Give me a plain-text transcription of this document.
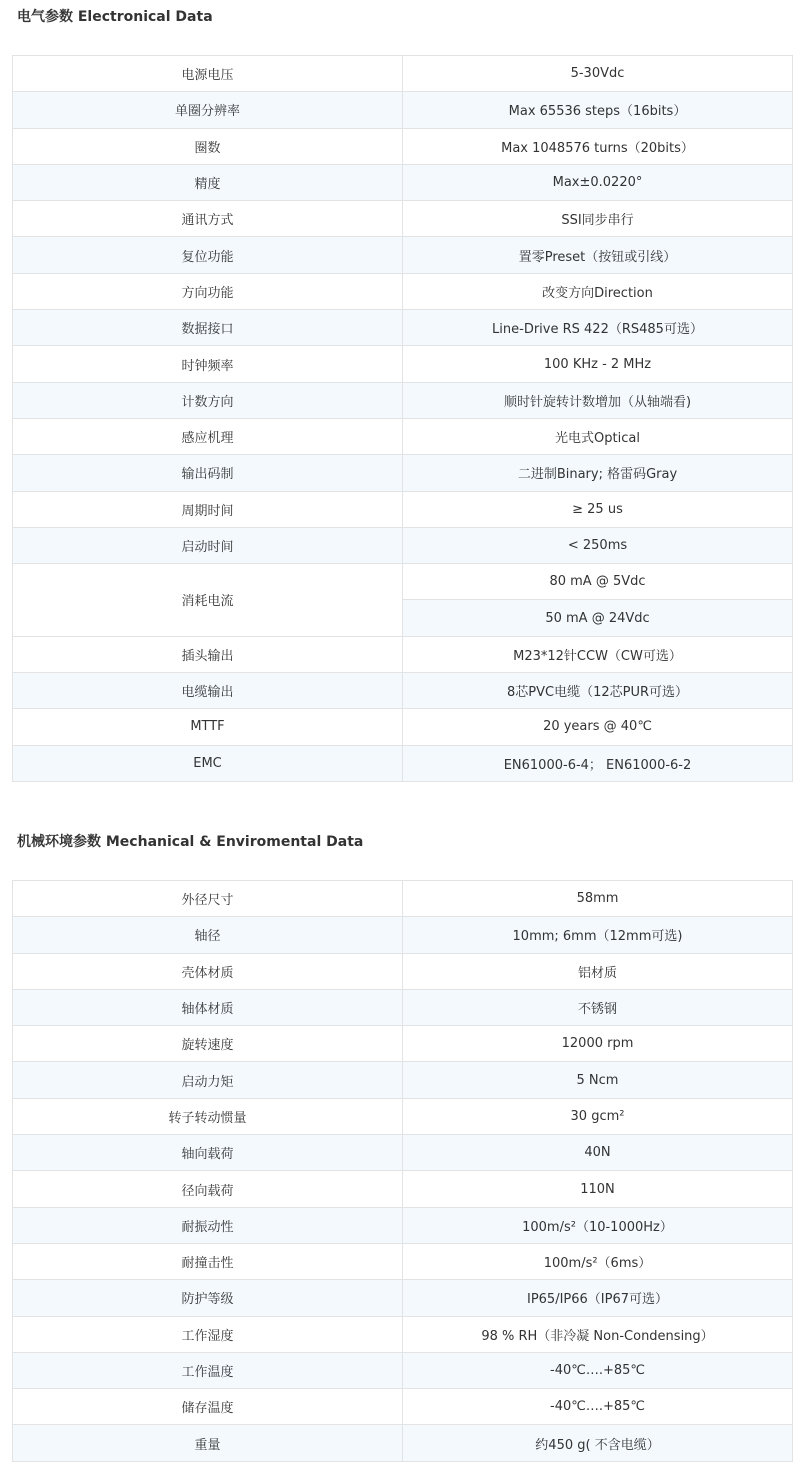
电气参数 Electronical Data
电源电压	5-30Vdc
单圈分辨率	Max 65536 steps（16bits）
圈数	Max 1048576 turns（20bits）
精度	Max±0.0220°
通讯方式	SSI同步串行
复位功能	置零Preset（按钮或引线）
方向功能	改变方向Direction
数据接口	Line-Drive RS 422（RS485可选）
时钟频率	100 KHz - 2 MHz
计数方向	顺时针旋转计数增加（从轴端看)
感应机理	光电式Optical
输出码制	二进制Binary; 格雷码Gray
周期时间	≥ 25 us
启动时间	< 250ms
消耗电流	80 mA @ 5Vdc
	50 mA @ 24Vdc
插头输出	M23*12针CCW（CW可选）
电缆输出	8芯PVC电缆（12芯PUR可选）
MTTF	20 years @ 40℃
EMC	EN61000-6-4； EN61000-6-2
机械环境参数 Mechanical & Enviromental Data
外径尺寸	58mm
轴径	10mm; 6mm（12mm可选)
壳体材质	铝材质
轴体材质	不锈钢
旋转速度	12000 rpm
启动力矩	5 Ncm
转子转动惯量	30 gcm²
轴向载荷	40N
径向载荷	110N
耐振动性	100m/s²（10-1000Hz）
耐撞击性	100m/s²（6ms）
防护等级	IP65/IP66（IP67可选）
工作湿度	98 % RH（非冷凝 Non-Condensing）
工作温度	-40℃….+85℃
储存温度	-40℃….+85℃
重量	约450 g( 不含电缆）
